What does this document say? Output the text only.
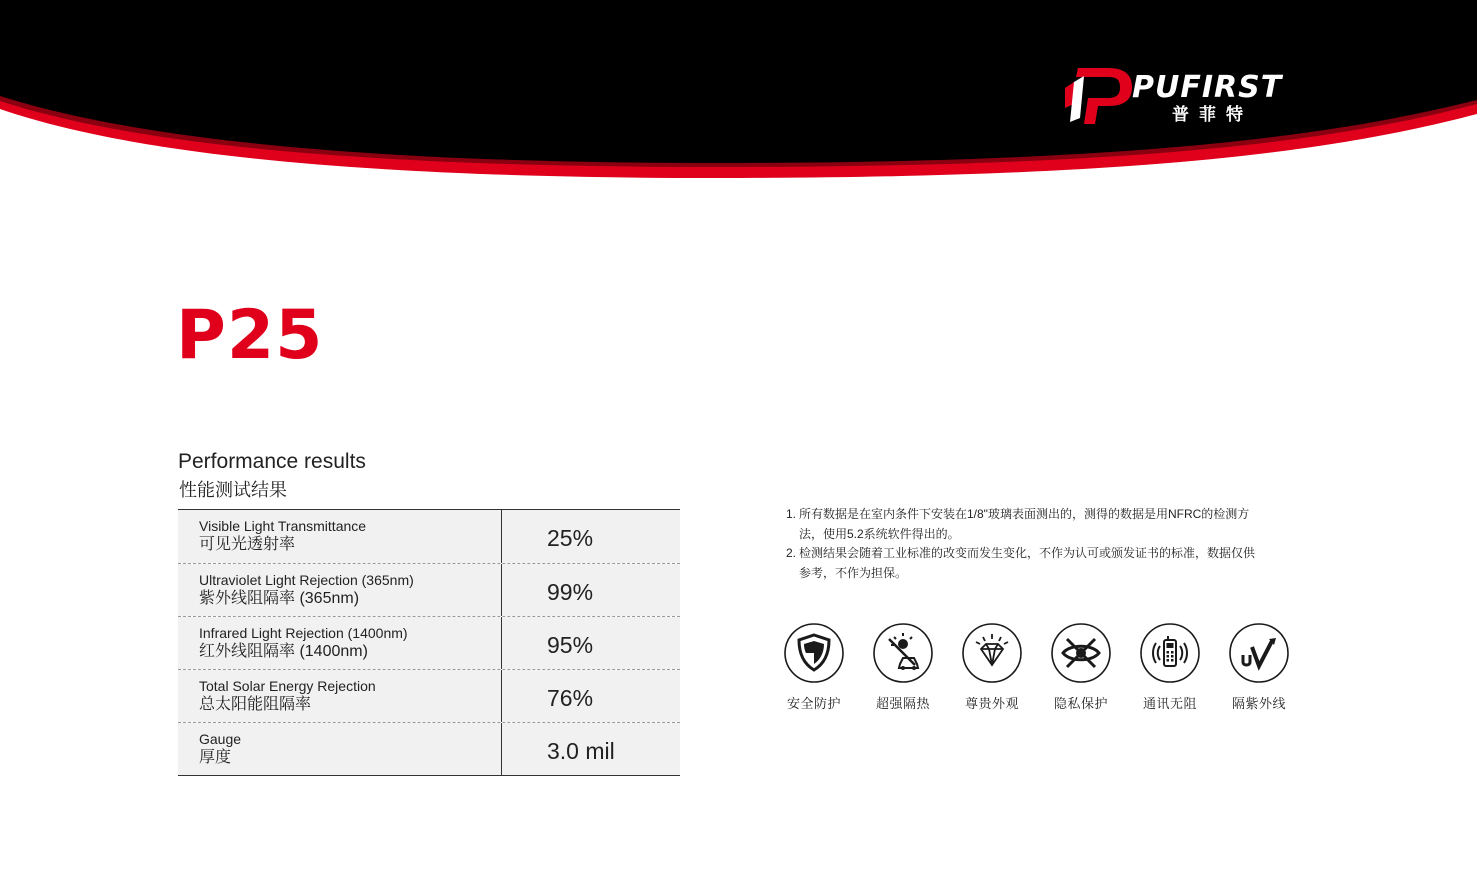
PUFIRST
普菲特
P25
Performance results
性能测试结果
Visible Light Transmittance
可见光透射率	25%
Ultraviolet Light Rejection (365nm)
紫外线阻隔率 (365nm)	99%
Infrared Light Rejection (1400nm)
红外线阻隔率 (1400nm)	95%
Total Solar Energy Rejection
总太阳能阻隔率	76%
Gauge
厚度	3.0 mil
1. 所有数据是在室内条件下安装在1/8"玻璃表面测出的，测得的数据是用NFRC的检测方
法，使用5.2系统软件得出的。
2. 检测结果会随着工业标准的改变而发生变化，不作为认可或颁发证书的标准，数据仅供
参考，不作为担保。
安全防护	超强隔热	尊贵外观	隐私保护	通讯无阻	隔紫外线
